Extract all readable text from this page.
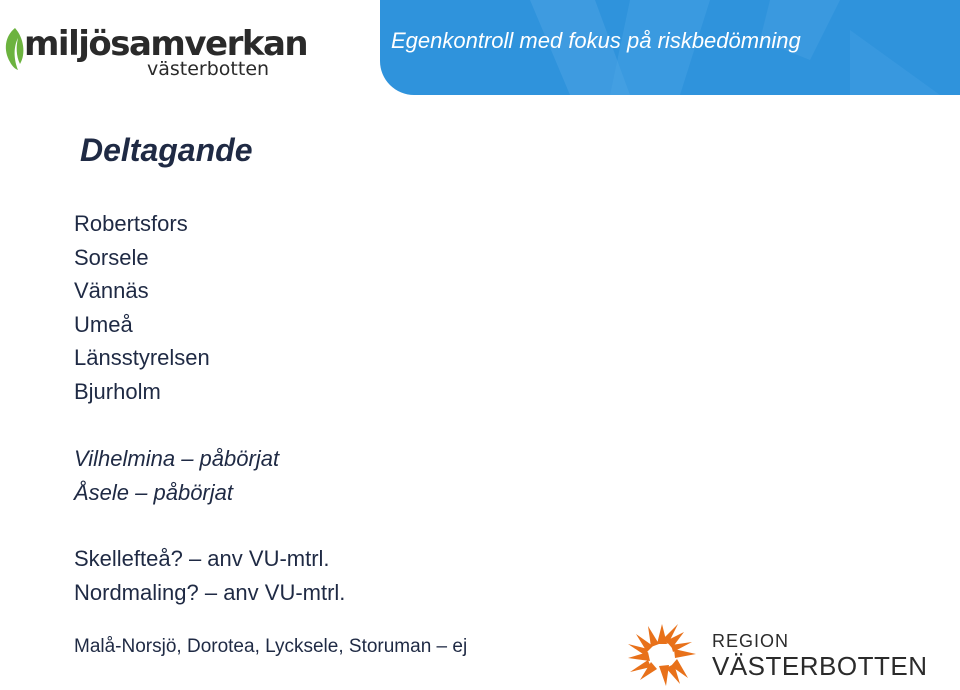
miljösamverkan
västerbotten
Egenkontroll med fokus på riskbedömning
Deltagande
Robertsfors
Sorsele
Vännäs
Umeå
Länsstyrelsen
Bjurholm
Vilhelmina – påbörjat
Åsele – påbörjat
Skellefteå? – anv VU-mtrl.
Nordmaling? – anv VU-mtrl.
Malå-Norsjö, Dorotea, Lycksele, Storuman – ej	REGION
VÄSTERBOTTEN
